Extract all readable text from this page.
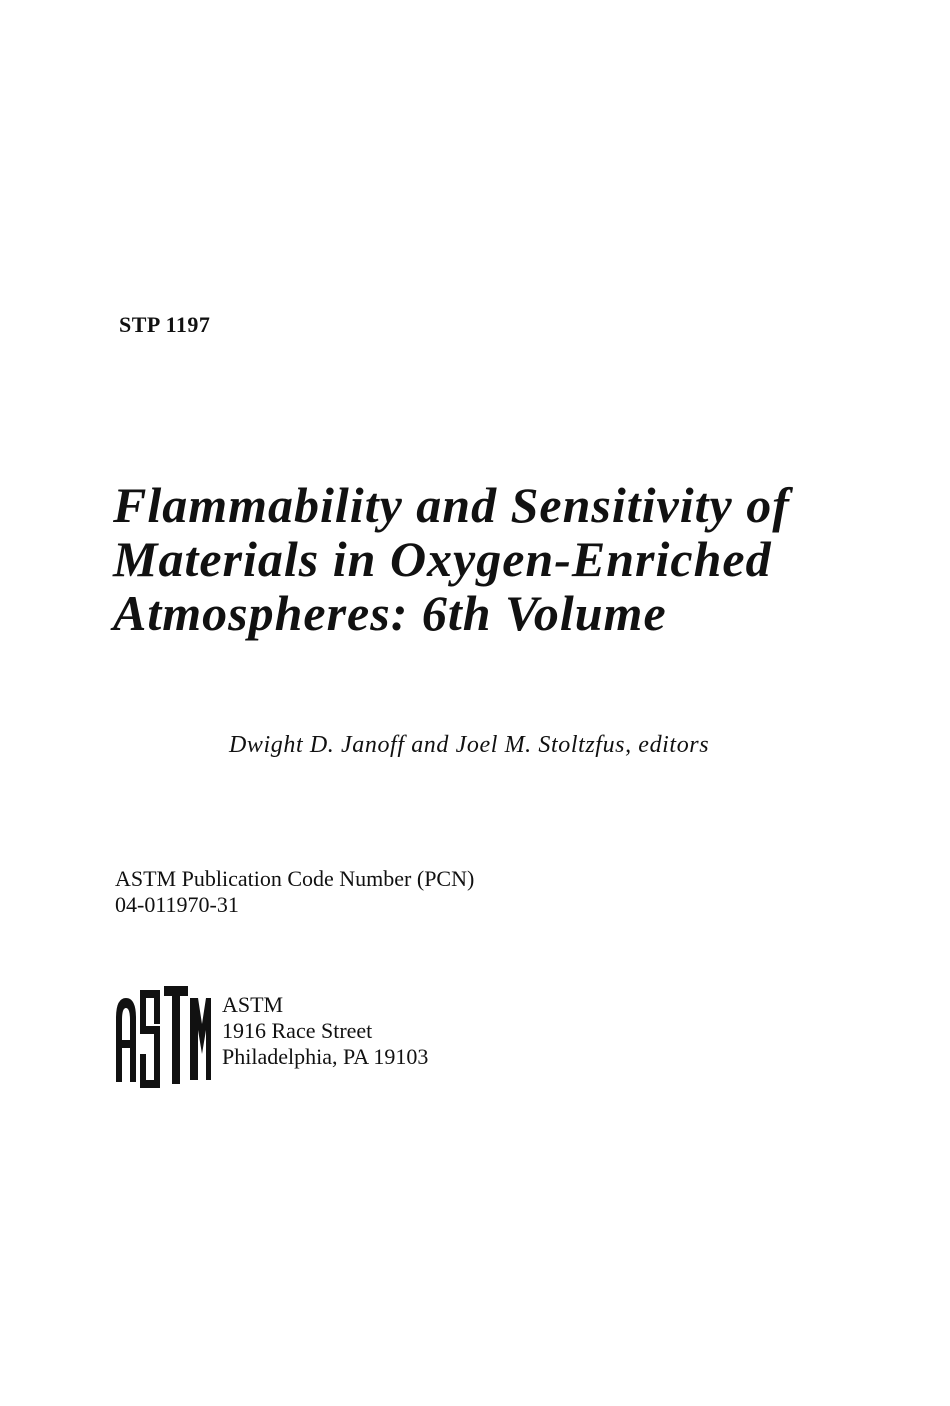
STP 1197
Flammability and Sensitivity of
Materials in Oxygen-Enriched
Atmospheres: 6th Volume
Dwight D. Janoff and Joel M. Stoltzfus, editors
ASTM Publication Code Number (PCN)
04-011970-31
ASTM
1916 Race Street
Philadelphia, PA 19103
